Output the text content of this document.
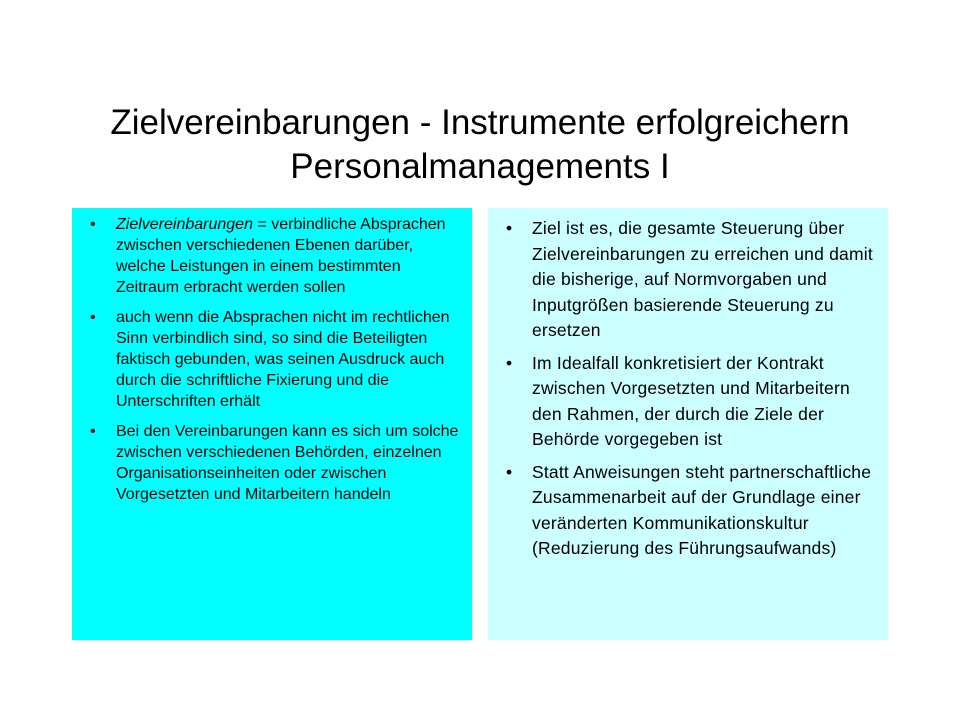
Zielvereinbarungen - Instrumente erfolgreichern
Personalmanagements I
• Zielvereinbarungen = verbindliche Absprachen zwischen verschiedenen Ebenen darüber, welche Leistungen in einem bestimmten Zeitraum erbracht werden sollen
• auch wenn die Absprachen nicht im rechtlichen Sinn verbindlich sind, so sind die Beteiligten faktisch gebunden, was seinen Ausdruck auch durch die schriftliche Fixierung und die Unterschriften erhält
• Bei den Vereinbarungen kann es sich um solche zwischen verschiedenen Behörden, einzelnen Organisationseinheiten oder zwischen Vorgesetzten und Mitarbeitern handeln
• Ziel ist es, die gesamte Steuerung über Zielvereinbarungen zu erreichen und damit die bisherige, auf Normvorgaben und Inputgrößen basierende Steuerung zu ersetzen
• Im Idealfall konkretisiert der Kontrakt zwischen Vorgesetzten und Mitarbeitern den Rahmen, der durch die Ziele der Behörde vorgegeben ist
• Statt Anweisungen steht partnerschaftliche Zusammenarbeit auf der Grundlage einer veränderten Kommunikationskultur (Reduzierung des Führungsaufwands)
